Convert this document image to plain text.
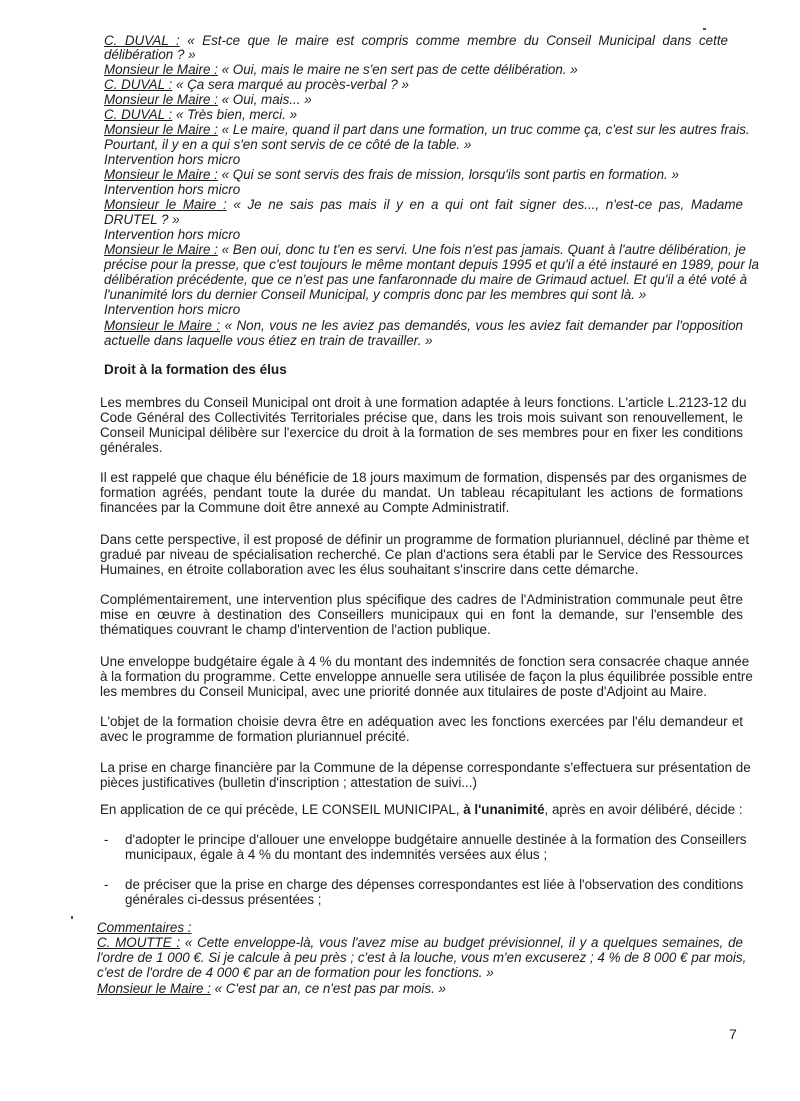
C. DUVAL : « Est-ce que le maire est compris comme membre du Conseil Municipal dans cette
délibération ? »
Monsieur le Maire : « Oui, mais le maire ne s'en sert pas de cette délibération. »
C. DUVAL : « Ça sera marqué au procès-verbal ? »
Monsieur le Maire : « Oui, mais... »
C. DUVAL : « Très bien, merci. »
Monsieur le Maire : « Le maire, quand il part dans une formation, un truc comme ça, c'est sur les autres frais.
Pourtant, il y en a qui s'en sont servis de ce côté de la table. »
Intervention hors micro
Monsieur le Maire : « Qui se sont servis des frais de mission, lorsqu'ils sont partis en formation. »
Intervention hors micro
Monsieur le Maire : « Je ne sais pas mais il y en a qui ont fait signer des..., n'est-ce pas, Madame
DRUTEL ? »
Intervention hors micro
Monsieur le Maire : « Ben oui, donc tu t'en es servi. Une fois n'est pas jamais. Quant à l'autre délibération, je
précise pour la presse, que c'est toujours le même montant depuis 1995 et qu'il a été instauré en 1989, pour la
délibération précédente, que ce n'est pas une fanfaronnade du maire de Grimaud actuel. Et qu'il a été voté à
l'unanimité lors du dernier Conseil Municipal, y compris donc par les membres qui sont là. »
Intervention hors micro
Monsieur le Maire : « Non, vous ne les aviez pas demandés, vous les aviez fait demander par l'opposition
actuelle dans laquelle vous étiez en train de travailler. »
Droit à la formation des élus
Les membres du Conseil Municipal ont droit à une formation adaptée à leurs fonctions. L'article L.2123-12 du
Code Général des Collectivités Territoriales précise que, dans les trois mois suivant son renouvellement, le
Conseil Municipal délibère sur l'exercice du droit à la formation de ses membres pour en fixer les conditions
générales.
Il est rappelé que chaque élu bénéficie de 18 jours maximum de formation, dispensés par des organismes de
formation agréés, pendant toute la durée du mandat. Un tableau récapitulant les actions de formations
financées par la Commune doit être annexé au Compte Administratif.
Dans cette perspective, il est proposé de définir un programme de formation pluriannuel, décliné par thème et
gradué par niveau de spécialisation recherché. Ce plan d'actions sera établi par le Service des Ressources
Humaines, en étroite collaboration avec les élus souhaitant s'inscrire dans cette démarche.
Complémentairement, une intervention plus spécifique des cadres de l'Administration communale peut être
mise en œuvre à destination des Conseillers municipaux qui en font la demande, sur l'ensemble des
thématiques couvrant le champ d'intervention de l'action publique.
Une enveloppe budgétaire égale à 4 % du montant des indemnités de fonction sera consacrée chaque année
à la formation du programme. Cette enveloppe annuelle sera utilisée de façon la plus équilibrée possible entre
les membres du Conseil Municipal, avec une priorité donnée aux titulaires de poste d'Adjoint au Maire.
L'objet de la formation choisie devra être en adéquation avec les fonctions exercées par l'élu demandeur et
avec le programme de formation pluriannuel précité.
La prise en charge financière par la Commune de la dépense correspondante s'effectuera sur présentation de
pièces justificatives (bulletin d'inscription ; attestation de suivi...)
En application de ce qui précède, LE CONSEIL MUNICIPAL, à l'unanimité, après en avoir délibéré, décide :
- d'adopter le principe d'allouer une enveloppe budgétaire annuelle destinée à la formation des Conseillers
municipaux, égale à 4 % du montant des indemnités versées aux élus ;
- de préciser que la prise en charge des dépenses correspondantes est liée à l'observation des conditions
générales ci-dessus présentées ;
Commentaires :
C. MOUTTE : « Cette enveloppe-là, vous l'avez mise au budget prévisionnel, il y a quelques semaines, de
l'ordre de 1 000 €. Si je calcule à peu près ; c'est à la louche, vous m'en excuserez ; 4 % de 8 000 € par mois,
c'est de l'ordre de 4 000 € par an de formation pour les fonctions. »
Monsieur le Maire : « C'est par an, ce n'est pas par mois. »
7
